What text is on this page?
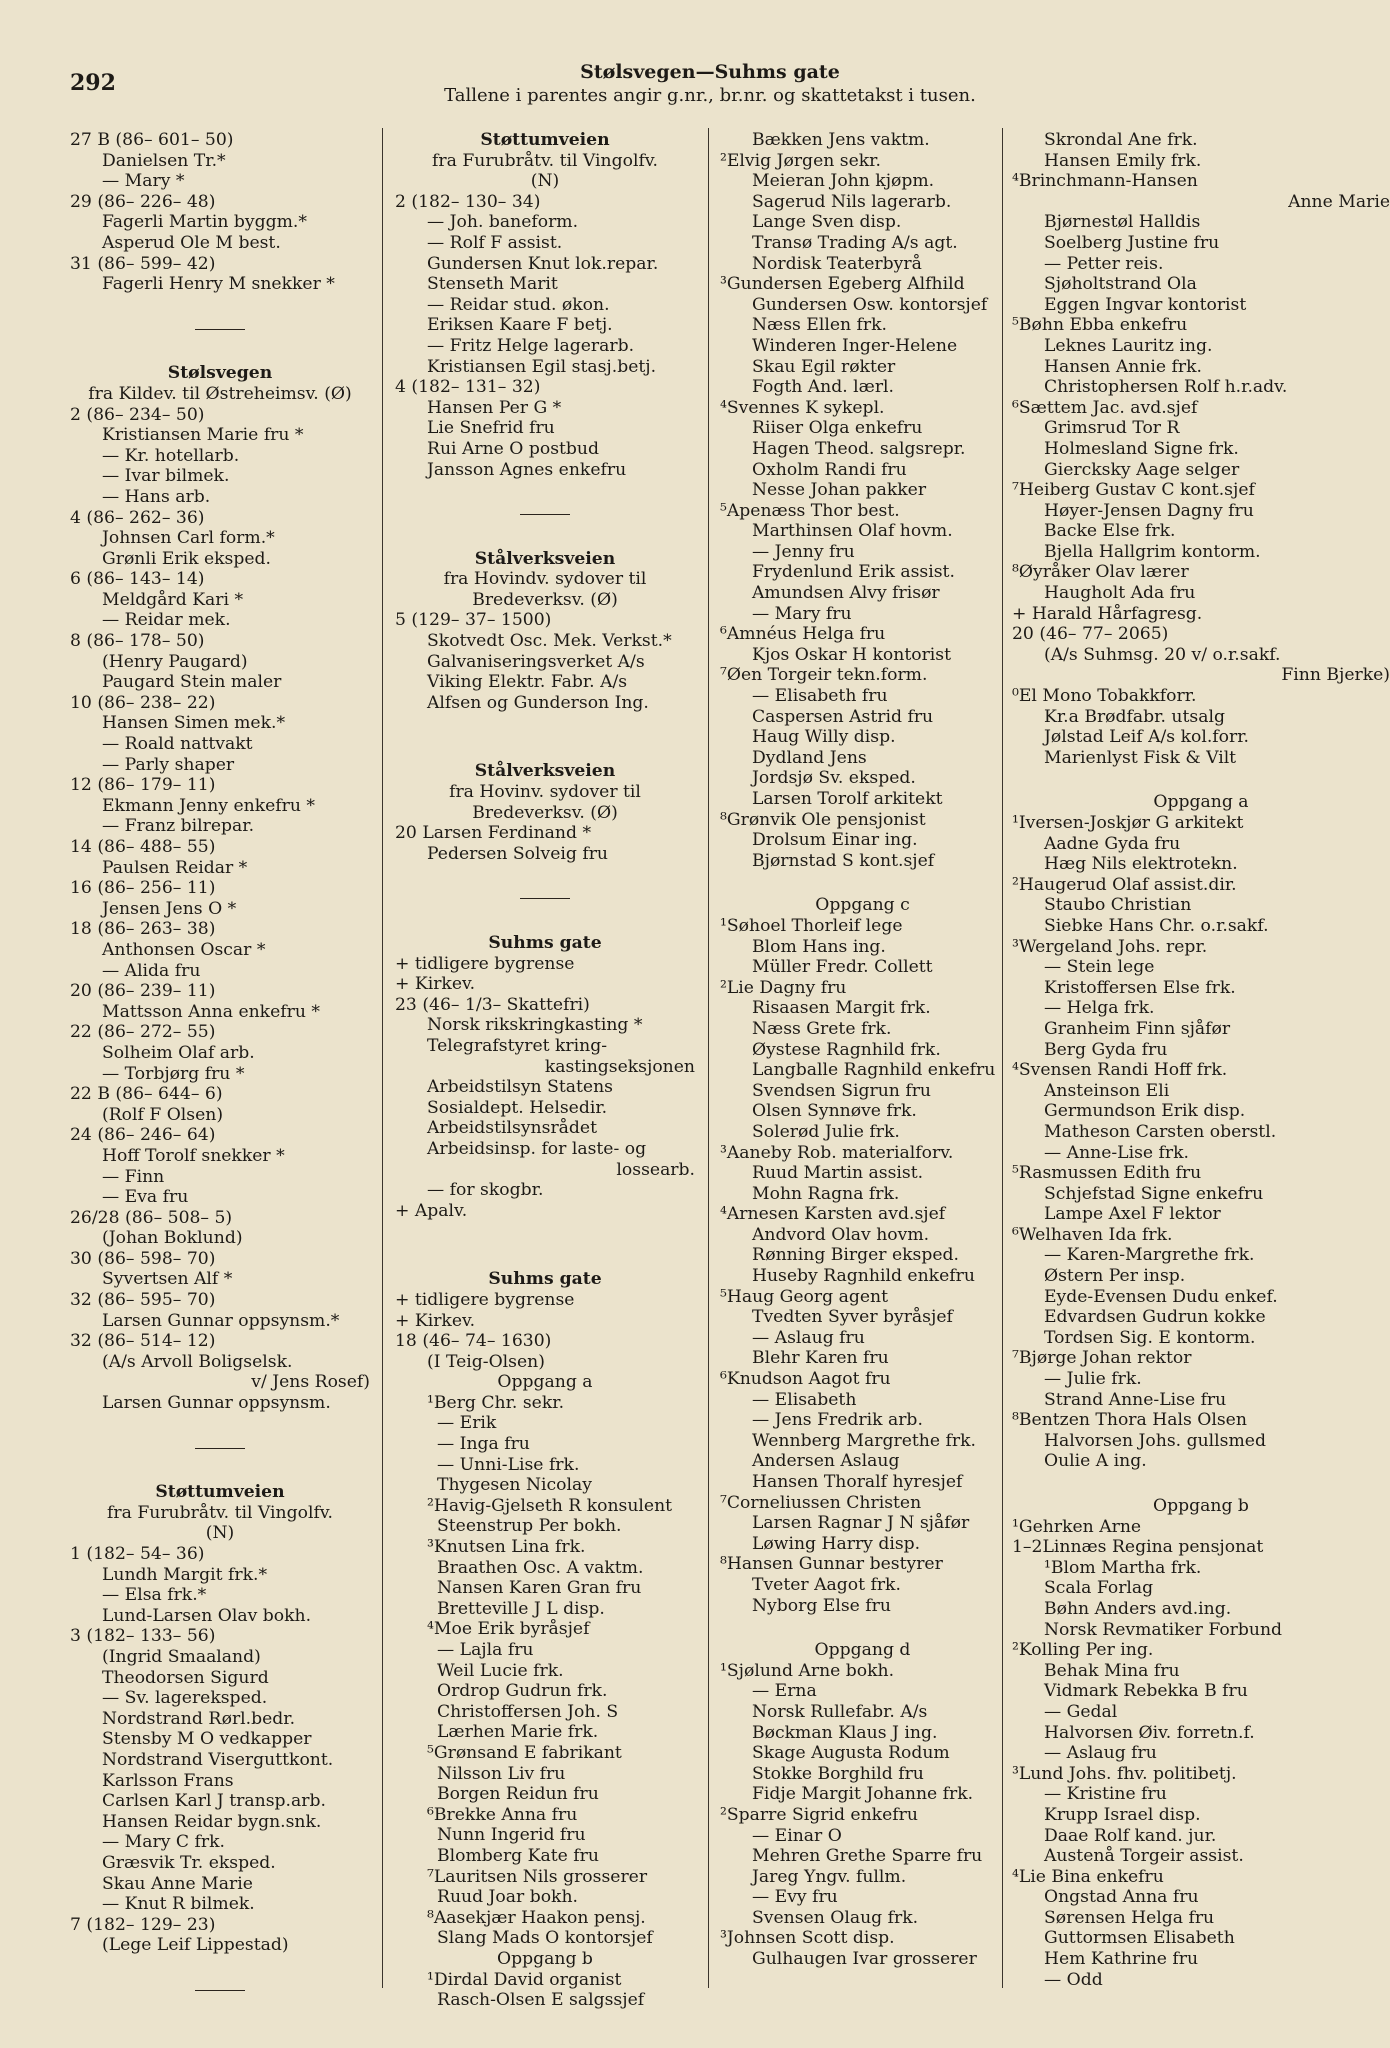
292	Stølsvegen—Suhms gate
Tallene i parentes angir g.nr., br.nr. og skattetakst i tusen.
27 B (86– 601– 50)
Danielsen Tr.*
— Mary *
29 (86– 226– 48)
Fagerli Martin byggm.*
Asperud Ole M best.
31 (86– 599– 42)
Fagerli Henry M snekker *
Stølsvegen
fra Kildev. til Østreheimsv. (Ø)
2 (86– 234– 50)
Kristiansen Marie fru *
— Kr. hotellarb.
— Ivar bilmek.
— Hans arb.
4 (86– 262– 36)
Johnsen Carl form.*
Grønli Erik eksped.
6 (86– 143– 14)
Meldgård Kari *
— Reidar mek.
8 (86– 178– 50)
(Henry Paugard)
Paugard Stein maler
10 (86– 238– 22)
Hansen Simen mek.*
— Roald nattvakt
— Parly shaper
12 (86– 179– 11)
Ekmann Jenny enkefru *
— Franz bilrepar.
14 (86– 488– 55)
Paulsen Reidar *
16 (86– 256– 11)
Jensen Jens O *
18 (86– 263– 38)
Anthonsen Oscar *
— Alida fru
20 (86– 239– 11)
Mattsson Anna enkefru *
22 (86– 272– 55)
Solheim Olaf arb.
— Torbjørg fru *
22 B (86– 644– 6)
(Rolf F Olsen)
24 (86– 246– 64)
Hoff Torolf snekker *
— Finn
— Eva fru
26/28 (86– 508– 5)
(Johan Boklund)
30 (86– 598– 70)
Syvertsen Alf *
32 (86– 595– 70)
Larsen Gunnar oppsynsm.*
32 (86– 514– 12)
(A/s Arvoll Boligselsk.
v/ Jens Rosef)
Larsen Gunnar oppsynsm.
Støttumveien
fra Furubråtv. til Vingolfv.
(N)
1 (182– 54– 36)
Lundh Margit frk.*
— Elsa frk.*
Lund-Larsen Olav bokh.
3 (182– 133– 56)
(Ingrid Smaaland)
Theodorsen Sigurd
— Sv. lagereksped.
Nordstrand Rørl.bedr.
Stensby M O vedkapper
Nordstrand Viserguttkont.
Karlsson Frans
Carlsen Karl J transp.arb.
Hansen Reidar bygn.snk.
— Mary C frk.
Græsvik Tr. eksped.
Skau Anne Marie
— Knut R bilmek.
7 (182– 129– 23)
(Lege Leif Lippestad)
Støttumveien
fra Furubråtv. til Vingolfv.
(N)
2 (182– 130– 34)
— Joh. baneform.
— Rolf F assist.
Gundersen Knut lok.repar.
Stenseth Marit
— Reidar stud. økon.
Eriksen Kaare F betj.
— Fritz Helge lagerarb.
Kristiansen Egil stasj.betj.
4 (182– 131– 32)
Hansen Per G *
Lie Snefrid fru
Rui Arne O postbud
Jansson Agnes enkefru
Stålverksveien
fra Hovindv. sydover til
Bredeverksv. (Ø)
5 (129– 37– 1500)
Skotvedt Osc. Mek. Verkst.*
Galvaniseringsverket A/s
Viking Elektr. Fabr. A/s
Alfsen og Gunderson Ing.
Stålverksveien
fra Hovinv. sydover til
Bredeverksv. (Ø)
20 Larsen Ferdinand *
Pedersen Solveig fru
Suhms gate
+ tidligere bygrense
+ Kirkev.
23 (46– 1/3– Skattefri)
Norsk rikskringkasting *
Telegrafstyret kring-
kastingseksjonen
Arbeidstilsyn Statens
Sosialdept. Helsedir.
Arbeidstilsynsrådet
Arbeidsinsp. for laste- og
lossearb.
— for skogbr.
+ Apalv.
Suhms gate
+ tidligere bygrense
+ Kirkev.
18 (46– 74– 1630)
(I Teig-Olsen)
Oppgang a
¹Berg Chr. sekr.
— Erik
— Inga fru
— Unni-Lise frk.
Thygesen Nicolay
²Havig-Gjelseth R konsulent
Steenstrup Per bokh.
³Knutsen Lina frk.
Braathen Osc. A vaktm.
Nansen Karen Gran fru
Bretteville J L disp.
⁴Moe Erik byråsjef
— Lajla fru
Weil Lucie frk.
Ordrop Gudrun frk.
Christoffersen Joh. S
Lærhen Marie frk.
⁵Grønsand E fabrikant
Nilsson Liv fru
Borgen Reidun fru
⁶Brekke Anna fru
Nunn Ingerid fru
Blomberg Kate fru
⁷Lauritsen Nils grosserer
Ruud Joar bokh.
⁸Aasekjær Haakon pensj.
Slang Mads O kontorsjef
Oppgang b
¹Dirdal David organist
Rasch-Olsen E salgssjef
Bækken Jens vaktm.
²Elvig Jørgen sekr.
Meieran John kjøpm.
Sagerud Nils lagerarb.
Lange Sven disp.
Transø Trading A/s agt.
Nordisk Teaterbyrå
³Gundersen Egeberg Alfhild
Gundersen Osw. kontorsjef
Næss Ellen frk.
Winderen Inger-Helene
Skau Egil røkter
Fogth And. lærl.
⁴Svennes K sykepl.
Riiser Olga enkefru
Hagen Theod. salgsrepr.
Oxholm Randi fru
Nesse Johan pakker
⁵Apenæss Thor best.
Marthinsen Olaf hovm.
— Jenny fru
Frydenlund Erik assist.
Amundsen Alvy frisør
— Mary fru
⁶Amnéus Helga fru
Kjos Oskar H kontorist
⁷Øen Torgeir tekn.form.
— Elisabeth fru
Caspersen Astrid fru
Haug Willy disp.
Dydland Jens
Jordsjø Sv. eksped.
Larsen Torolf arkitekt
⁸Grønvik Ole pensjonist
Drolsum Einar ing.
Bjørnstad S kont.sjef
Oppgang c
¹Søhoel Thorleif lege
Blom Hans ing.
Müller Fredr. Collett
²Lie Dagny fru
Risaasen Margit frk.
Næss Grete frk.
Øystese Ragnhild frk.
Langballe Ragnhild enkefru
Svendsen Sigrun fru
Olsen Synnøve frk.
Solerød Julie frk.
³Aaneby Rob. materialforv.
Ruud Martin assist.
Mohn Ragna frk.
⁴Arnesen Karsten avd.sjef
Andvord Olav hovm.
Rønning Birger eksped.
Huseby Ragnhild enkefru
⁵Haug Georg agent
Tvedten Syver byråsjef
— Aslaug fru
Blehr Karen fru
⁶Knudson Aagot fru
— Elisabeth
— Jens Fredrik arb.
Wennberg Margrethe frk.
Andersen Aslaug
Hansen Thoralf hyresjef
⁷Corneliussen Christen
Larsen Ragnar J N sjåfør
Løwing Harry disp.
⁸Hansen Gunnar bestyrer
Tveter Aagot frk.
Nyborg Else fru
Oppgang d
¹Sjølund Arne bokh.
— Erna
Norsk Rullefabr. A/s
Bøckman Klaus J ing.
Skage Augusta Rodum
Stokke Borghild fru
Fidje Margit Johanne frk.
²Sparre Sigrid enkefru
— Einar O
Mehren Grethe Sparre fru
Jareg Yngv. fullm.
— Evy fru
Svensen Olaug frk.
³Johnsen Scott disp.
Gulhaugen Ivar grosserer
Skrondal Ane frk.
Hansen Emily frk.
⁴Brinchmann-Hansen
Anne Marie
Bjørnestøl Halldis
Soelberg Justine fru
— Petter reis.
Sjøholtstrand Ola
Eggen Ingvar kontorist
⁵Bøhn Ebba enkefru
Leknes Lauritz ing.
Hansen Annie frk.
Christophersen Rolf h.r.adv.
⁶Sættem Jac. avd.sjef
Grimsrud Tor R
Holmesland Signe frk.
Giercksky Aage selger
⁷Heiberg Gustav C kont.sjef
Høyer-Jensen Dagny fru
Backe Else frk.
Bjella Hallgrim kontorm.
⁸Øyråker Olav lærer
Haugholt Ada fru
+ Harald Hårfagresg.
20 (46– 77– 2065)
(A/s Suhmsg. 20 v/ o.r.sakf.
Finn Bjerke)
⁰El Mono Tobakkforr.
Kr.a Brødfabr. utsalg
Jølstad Leif A/s kol.forr.
Marienlyst Fisk & Vilt
Oppgang a
¹Iversen-Joskjør G arkitekt
Aadne Gyda fru
Hæg Nils elektrotekn.
²Haugerud Olaf assist.dir.
Staubo Christian
Siebke Hans Chr. o.r.sakf.
³Wergeland Johs. repr.
— Stein lege
Kristoffersen Else frk.
— Helga frk.
Granheim Finn sjåfør
Berg Gyda fru
⁴Svensen Randi Hoff frk.
Ansteinson Eli
Germundson Erik disp.
Matheson Carsten oberstl.
— Anne-Lise frk.
⁵Rasmussen Edith fru
Schjefstad Signe enkefru
Lampe Axel F lektor
⁶Welhaven Ida frk.
— Karen-Margrethe frk.
Østern Per insp.
Eyde-Evensen Dudu enkef.
Edvardsen Gudrun kokke
Tordsen Sig. E kontorm.
⁷Bjørge Johan rektor
— Julie frk.
Strand Anne-Lise fru
⁸Bentzen Thora Hals Olsen
Halvorsen Johs. gullsmed
Oulie A ing.
Oppgang b
¹Gehrken Arne
1–2Linnæs Regina pensjonat
¹Blom Martha frk.
Scala Forlag
Bøhn Anders avd.ing.
Norsk Revmatiker Forbund
²Kolling Per ing.
Behak Mina fru
Vidmark Rebekka B fru
— Gedal
Halvorsen Øiv. forretn.f.
— Aslaug fru
³Lund Johs. fhv. politibetj.
— Kristine fru
Krupp Israel disp.
Daae Rolf kand. jur.
Austenå Torgeir assist.
⁴Lie Bina enkefru
Ongstad Anna fru
Sørensen Helga fru
Guttormsen Elisabeth
Hem Kathrine fru
— Odd
